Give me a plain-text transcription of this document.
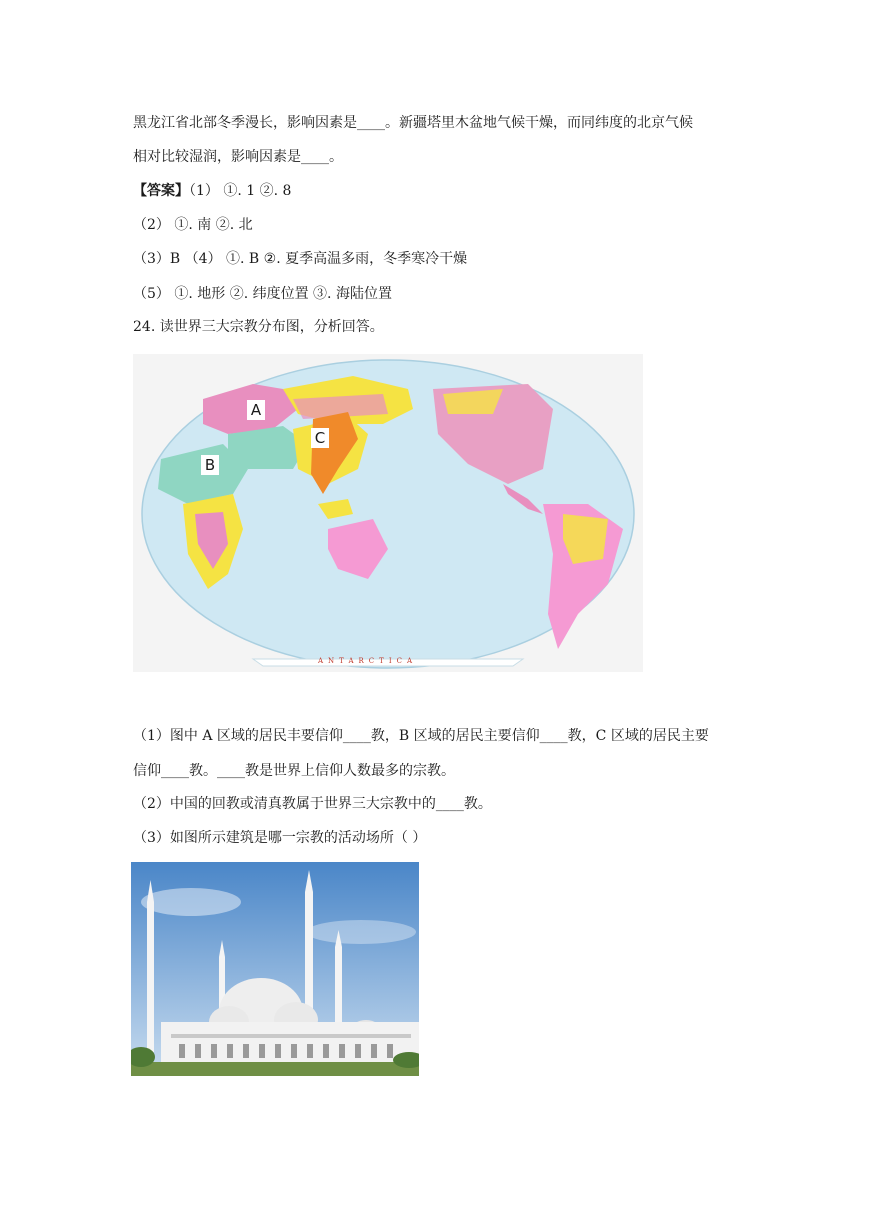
黑龙江省北部冬季漫长，影响因素是____。新疆塔里木盆地气候干燥，而同纬度的北京气候
相对比较湿润，影响因素是____。
【答案】（1） ①. 1 ②. 8
（2） ①. 南 ②. 北
（3）B （4） ①. B ②. 夏季高温多雨，冬季寒冷干燥
（5） ①. 地形 ②. 纬度位置 ③. 海陆位置
24. 读世界三大宗教分布图，分析回答。
A
B
C
ANTARCTICA
（1）图中 A 区域的居民丰要信仰____教，B 区域的居民主要信仰____教，C 区域的居民主要
信仰____教。____教是世界上信仰人数最多的宗教。
（2）中国的回教或清真教属于世界三大宗教中的____教。
（3）如图所示建筑是哪一宗教的活动场所（ ）
